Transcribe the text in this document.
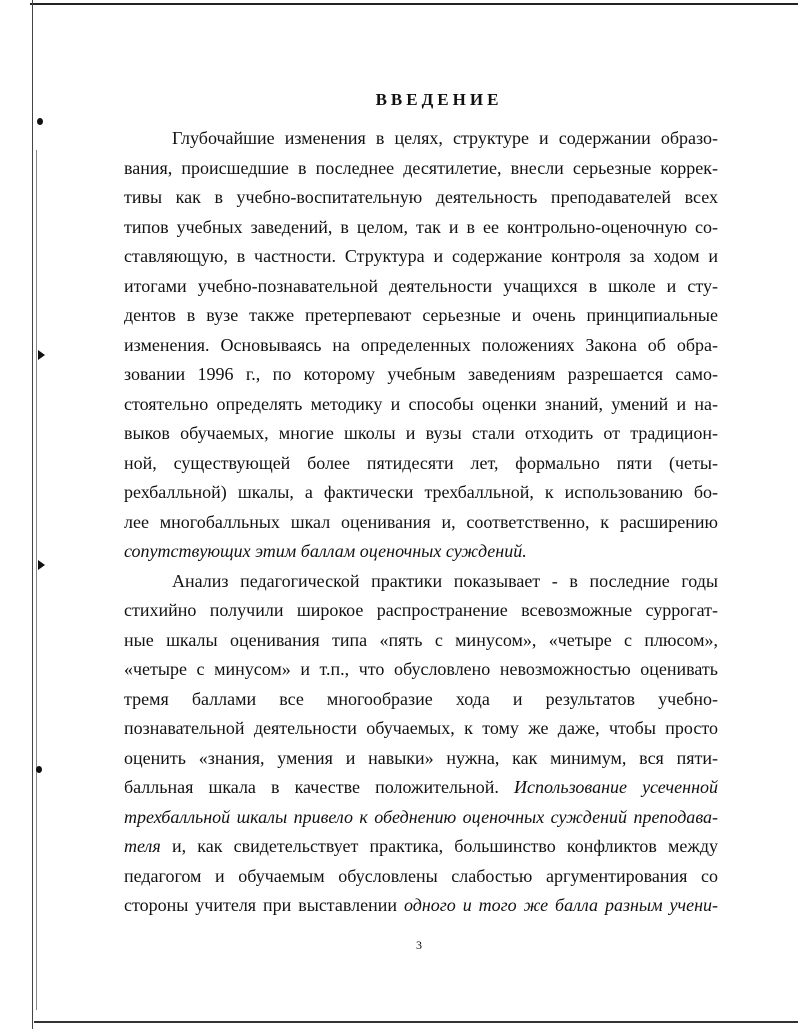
ВВЕДЕНИЕ

Глубочайшие изменения в целях, структуре и содержании образо-
вания, происшедшие в последнее десятилетие, внесли серьезные коррек-
тивы как в учебно-воспитательную деятельность преподавателей всех
типов учебных заведений, в целом, так и в ее контрольно-оценочную со-
ставляющую, в частности. Структура и содержание контроля за ходом и
итогами учебно-познавательной деятельности учащихся в школе и сту-
дентов в вузе также претерпевают серьезные и очень принципиальные
изменения. Основываясь на определенных положениях Закона об обра-
зовании 1996 г., по которому учебным заведениям разрешается само-
стоятельно определять методику и способы оценки знаний, умений и на-
выков обучаемых, многие школы и вузы стали отходить от традицион-
ной, существующей более пятидесяти лет, формально пяти (четы-
рехбалльной) шкалы, а фактически трехбалльной, к использованию бо-
лее многобалльных шкал оценивания и, соответственно, к расширению
сопутствующих этим баллам оценочных суждений.

Анализ педагогической практики показывает - в последние годы
стихийно получили широкое распространение всевозможные суррогат-
ные шкалы оценивания типа «пять с минусом», «четыре с плюсом»,
«четыре с минусом» и т.п., что обусловлено невозможностью оценивать
тремя баллами все многообразие хода и результатов учебно-
познавательной деятельности обучаемых, к тому же даже, чтобы просто
оценить «знания, умения и навыки» нужна, как минимум, вся пяти-
балльная шкала в качестве положительной. Использование усеченной
трехбалльной шкалы привело к обеднению оценочных суждений преподава-
теля и, как свидетельствует практика, большинство конфликтов между
педагогом и обучаемым обусловлены слабостью аргументирования со
стороны учителя при выставлении одного и того же балла разным учени-

3
